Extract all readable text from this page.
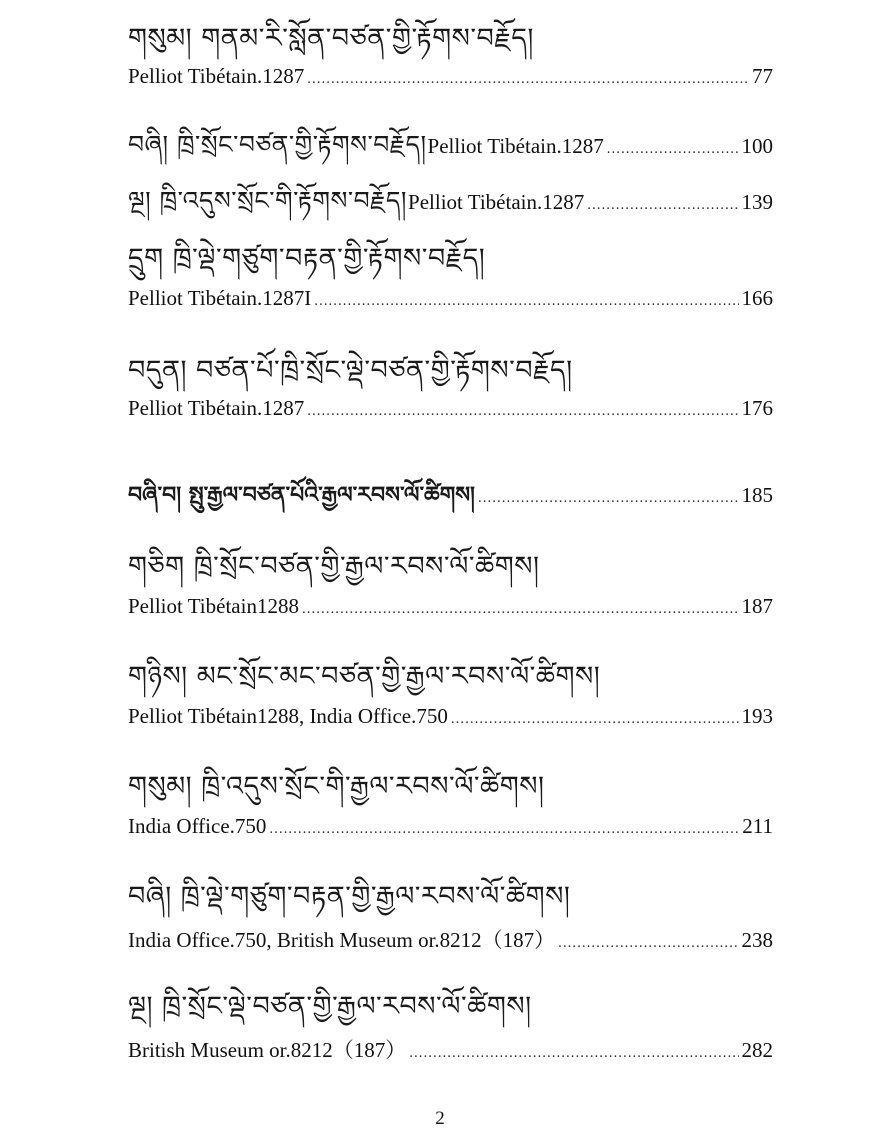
གསུམ། གནམ་རི་སློན་བཙན་གྱི་རྟོགས་བརྗོད།
Pelliot Tibétain.1287 .....	77
བཞི། ཁྲི་སྲོང་བཙན་གྱི་རྟོགས་བརྗོད། Pelliot Tibétain.1287 .....	100
ལྔ། ཁྲི་འདུས་སྲོང་གི་རྟོགས་བརྗོད། Pelliot Tibétain.1287 .....	139
དྲུག ཁྲི་ལྡེ་གཙུག་བརྟན་གྱི་རྟོགས་བརྗོད།
Pelliot Tibétain.1287I .....	166
བདུན། བཙན་པོ་ཁྲི་སྲོང་ལྡེ་བཙན་གྱི་རྟོགས་བརྗོད།
Pelliot Tibétain.1287 .....	176
བཞི་བ། སྤུ་རྒྱལ་བཙན་པོའི་རྒྱལ་རབས་ལོ་ཚིགས། .....	185
གཅིག ཁྲི་སྲོང་བཙན་གྱི་རྒྱལ་རབས་ལོ་ཚིགས།
Pelliot Tibétain1288 .....	187
གཉིས། མང་སྲོང་མང་བཙན་གྱི་རྒྱལ་རབས་ལོ་ཚིགས།
Pelliot Tibétain1288, India Office.750 .....	193
གསུམ། ཁྲི་འདུས་སྲོང་གི་རྒྱལ་རབས་ལོ་ཚིགས།
India Office.750 .....	211
བཞི། ཁྲི་ལྡེ་གཙུག་བརྟན་གྱི་རྒྱལ་རབས་ལོ་ཚིགས།
India Office.750, British Museum or.8212（187） .....	238
ལྔ། ཁྲི་སྲོང་ལྡེ་བཙན་གྱི་རྒྱལ་རབས་ལོ་ཚིགས།
British Museum or.8212（187） .....	282
2
